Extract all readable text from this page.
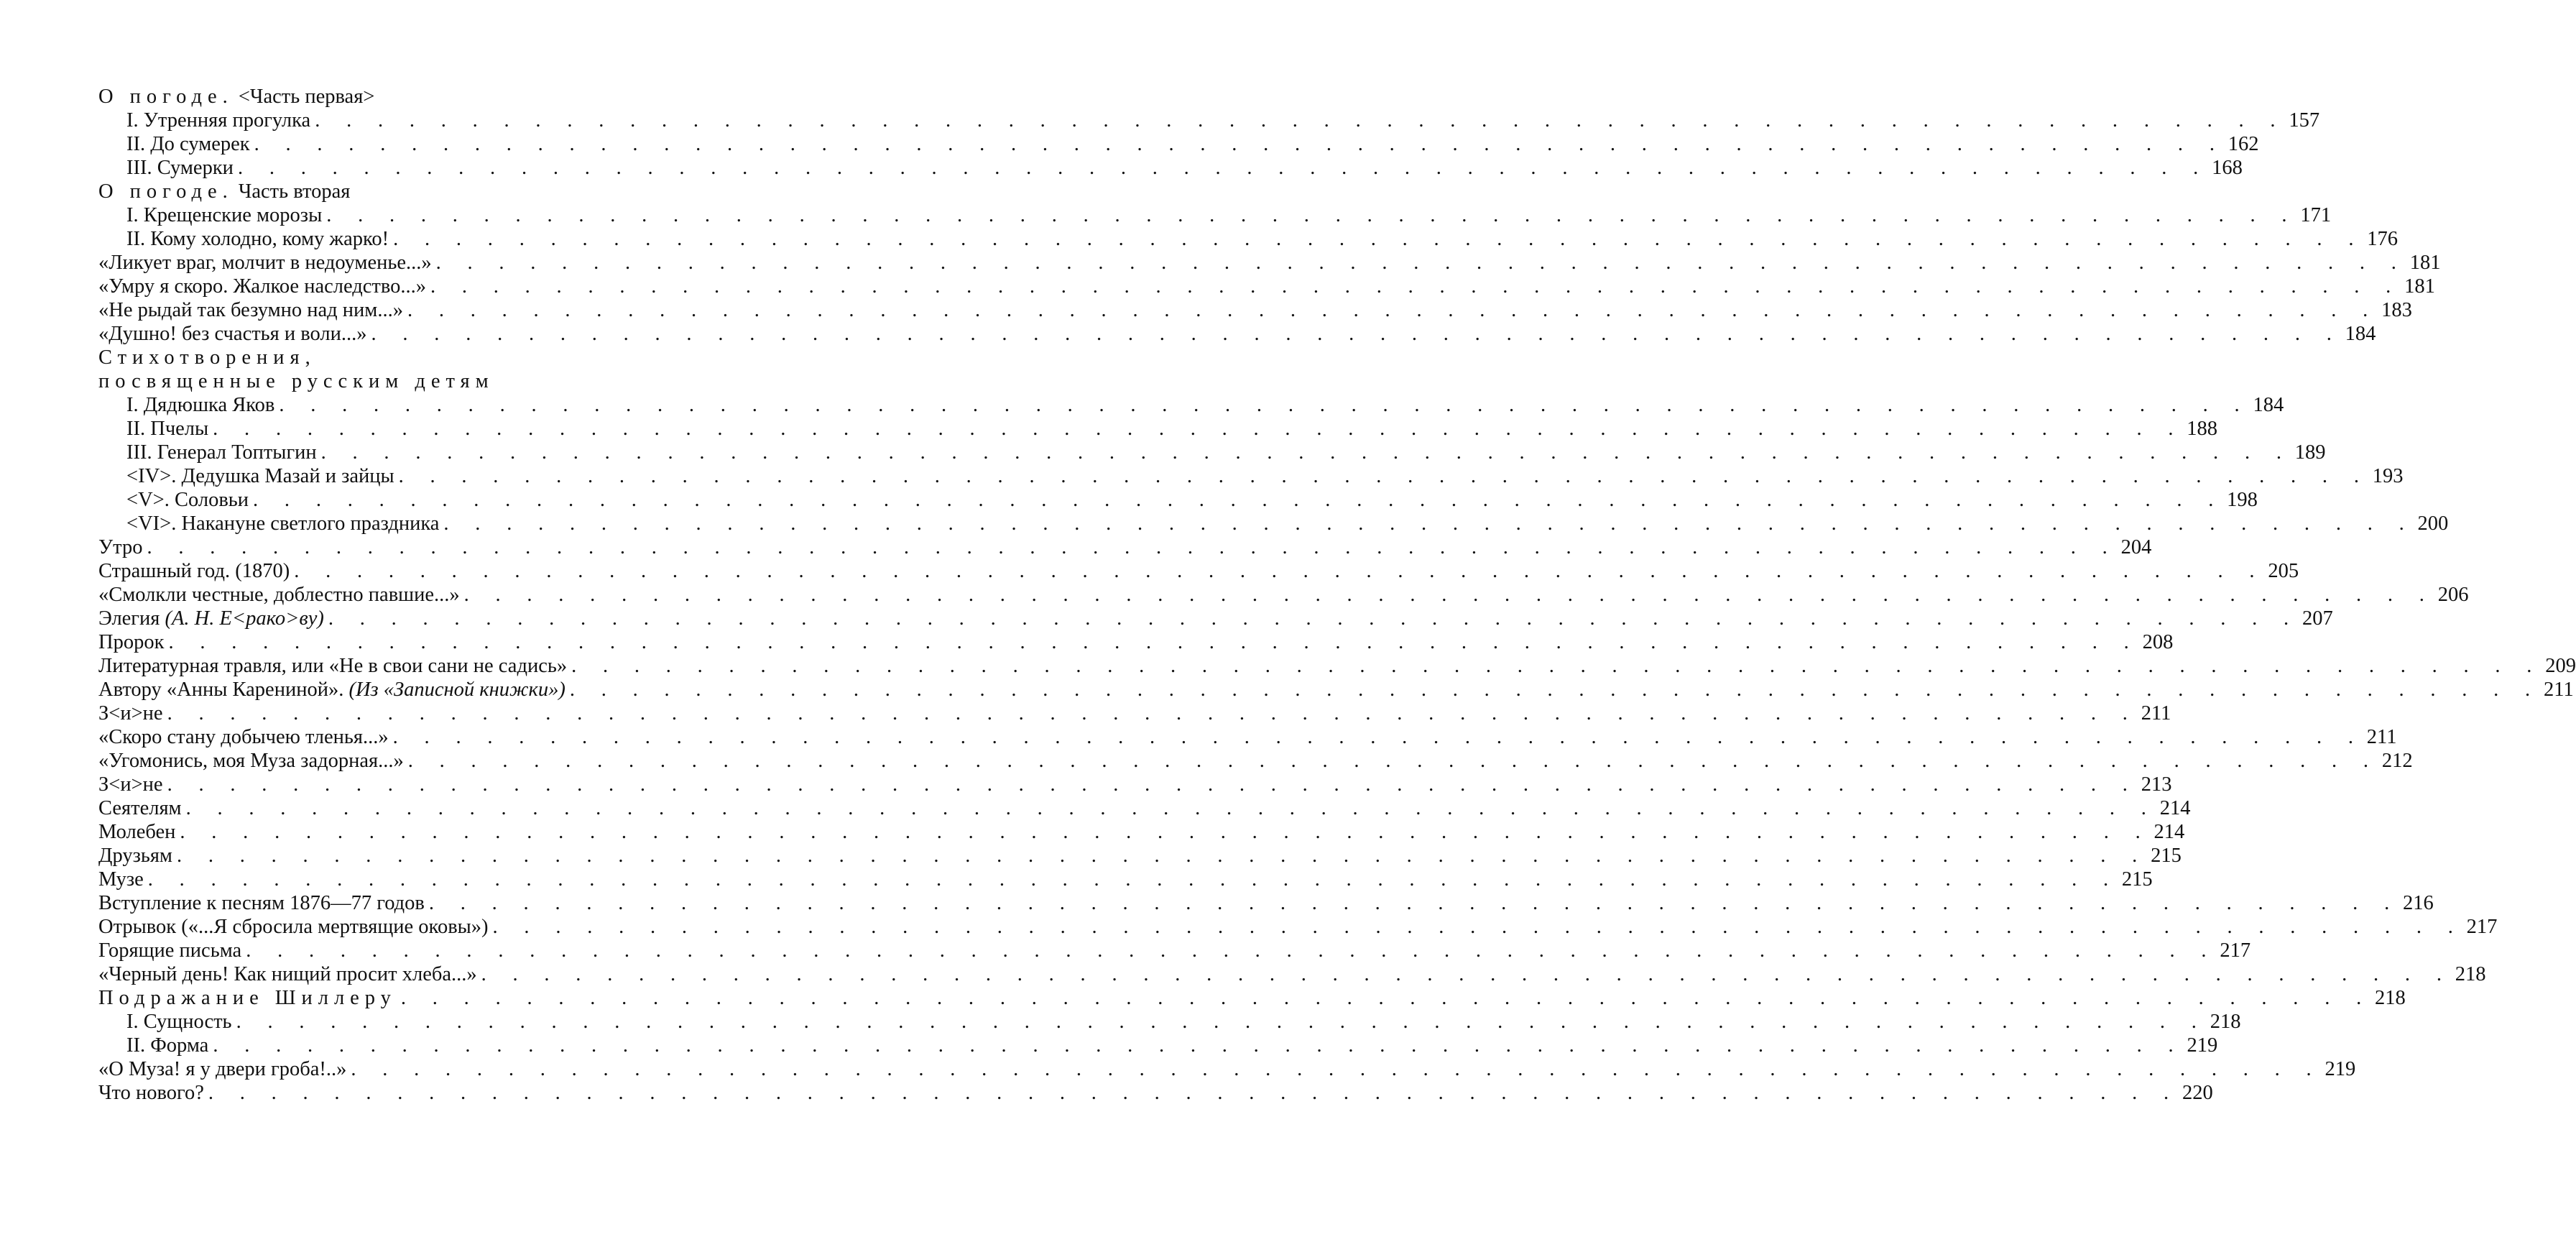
О погоде. <Часть первая>
I. Утренняя прогулка . . . . . . . . . . . . . . . . . . . . . . . . . . . . . . . . . . . . . . . . . . . . . . . . . . . . . . . . . . . . . . . 157
II. До сумерек . . . . . . . . . . . . . . . . . . . . . . . . . . . . . . . . . . . . . . . . . . . . . . . . . . . . . . . . . . . . . . . 162
III. Сумерки . . . . . . . . . . . . . . . . . . . . . . . . . . . . . . . . . . . . . . . . . . . . . . . . . . . . . . . . . . . . . . . 168
О погоде. Часть вторая
I. Крещенские морозы . . . . . . . . . . . . . . . . . . . . . . . . . . . . . . . . . . . . . . . . . . . . . . . . . . . . . . . . . . . . . . . 171
II. Кому холодно, кому жарко! . . . . . . . . . . . . . . . . . . . . . . . . . . . . . . . . . . . . . . . . . . . . . . . . . . . . . . . . . . . . . . . 176
«Ликует враг, молчит в недоуменье...» . . . . . . . . . . . . . . . . . . . . . . . . . . . . . . . . . . . . . . . . . . . . . . . . . . . . . . . . . . . . . . . 181
«Умру я скоро. Жалкое наследство...» . . . . . . . . . . . . . . . . . . . . . . . . . . . . . . . . . . . . . . . . . . . . . . . . . . . . . . . . . . . . . . . 181
«Не рыдай так безумно над ним...» . . . . . . . . . . . . . . . . . . . . . . . . . . . . . . . . . . . . . . . . . . . . . . . . . . . . . . . . . . . . . . . 183
«Душно! без счастья и воли...» . . . . . . . . . . . . . . . . . . . . . . . . . . . . . . . . . . . . . . . . . . . . . . . . . . . . . . . . . . . . . . . 184
Стихотворения,
посвященные русским детям
I. Дядюшка Яков . . . . . . . . . . . . . . . . . . . . . . . . . . . . . . . . . . . . . . . . . . . . . . . . . . . . . . . . . . . . . . . 184
II. Пчелы . . . . . . . . . . . . . . . . . . . . . . . . . . . . . . . . . . . . . . . . . . . . . . . . . . . . . . . . . . . . . . . 188
III. Генерал Топтыгин . . . . . . . . . . . . . . . . . . . . . . . . . . . . . . . . . . . . . . . . . . . . . . . . . . . . . . . . . . . . . . . 189
<IV>. Дедушка Мазай и зайцы . . . . . . . . . . . . . . . . . . . . . . . . . . . . . . . . . . . . . . . . . . . . . . . . . . . . . . . . . . . . . . . 193
<V>. Соловьи . . . . . . . . . . . . . . . . . . . . . . . . . . . . . . . . . . . . . . . . . . . . . . . . . . . . . . . . . . . . . . . 198
<VI>. Накануне светлого праздника . . . . . . . . . . . . . . . . . . . . . . . . . . . . . . . . . . . . . . . . . . . . . . . . . . . . . . . . . . . . . . . 200
Утро . . . . . . . . . . . . . . . . . . . . . . . . . . . . . . . . . . . . . . . . . . . . . . . . . . . . . . . . . . . . . . . 204
Страшный год. (1870) . . . . . . . . . . . . . . . . . . . . . . . . . . . . . . . . . . . . . . . . . . . . . . . . . . . . . . . . . . . . . . . 205
«Смолкли честные, доблестно павшие...» . . . . . . . . . . . . . . . . . . . . . . . . . . . . . . . . . . . . . . . . . . . . . . . . . . . . . . . . . . . . . . . 206
Элегия (А. Н. Е<рако>ву) . . . . . . . . . . . . . . . . . . . . . . . . . . . . . . . . . . . . . . . . . . . . . . . . . . . . . . . . . . . . . . . 207
Пророк . . . . . . . . . . . . . . . . . . . . . . . . . . . . . . . . . . . . . . . . . . . . . . . . . . . . . . . . . . . . . . . 208
Литературная травля, или «Не в свои сани не садись» . . . . . . . . . . . . . . . . . . . . . . . . . . . . . . . . . . . . . . . . . . . . . . . . . . . . . . . . . . . . . . . 209
Автору «Анны Карениной». (Из «Записной книжки») . . . . . . . . . . . . . . . . . . . . . . . . . . . . . . . . . . . . . . . . . . . . . . . . . . . . . . . . . . . . . . . 211
З<и>не . . . . . . . . . . . . . . . . . . . . . . . . . . . . . . . . . . . . . . . . . . . . . . . . . . . . . . . . . . . . . . . 211
«Скоро стану добычею тленья...» . . . . . . . . . . . . . . . . . . . . . . . . . . . . . . . . . . . . . . . . . . . . . . . . . . . . . . . . . . . . . . . 211
«Угомонись, моя Муза задорная...» . . . . . . . . . . . . . . . . . . . . . . . . . . . . . . . . . . . . . . . . . . . . . . . . . . . . . . . . . . . . . . . 212
З<и>не . . . . . . . . . . . . . . . . . . . . . . . . . . . . . . . . . . . . . . . . . . . . . . . . . . . . . . . . . . . . . . . 213
Сеятелям . . . . . . . . . . . . . . . . . . . . . . . . . . . . . . . . . . . . . . . . . . . . . . . . . . . . . . . . . . . . . . . 214
Молебен . . . . . . . . . . . . . . . . . . . . . . . . . . . . . . . . . . . . . . . . . . . . . . . . . . . . . . . . . . . . . . . 214
Друзьям . . . . . . . . . . . . . . . . . . . . . . . . . . . . . . . . . . . . . . . . . . . . . . . . . . . . . . . . . . . . . . . 215
Музе . . . . . . . . . . . . . . . . . . . . . . . . . . . . . . . . . . . . . . . . . . . . . . . . . . . . . . . . . . . . . . . 215
Вступление к песням 1876—77 годов . . . . . . . . . . . . . . . . . . . . . . . . . . . . . . . . . . . . . . . . . . . . . . . . . . . . . . . . . . . . . . . 216
Отрывок («...Я сбросила мертвящие оковы») . . . . . . . . . . . . . . . . . . . . . . . . . . . . . . . . . . . . . . . . . . . . . . . . . . . . . . . . . . . . . . . 217
Горящие письма . . . . . . . . . . . . . . . . . . . . . . . . . . . . . . . . . . . . . . . . . . . . . . . . . . . . . . . . . . . . . . . 217
«Черный день! Как нищий просит хлеба...» . . . . . . . . . . . . . . . . . . . . . . . . . . . . . . . . . . . . . . . . . . . . . . . . . . . . . . . . . . . . . . . 218
Подражание Шиллеру . . . . . . . . . . . . . . . . . . . . . . . . . . . . . . . . . . . . . . . . . . . . . . . . . . . . . . . . . . . . . . . 218
I. Сущность . . . . . . . . . . . . . . . . . . . . . . . . . . . . . . . . . . . . . . . . . . . . . . . . . . . . . . . . . . . . . . . 218
II. Форма . . . . . . . . . . . . . . . . . . . . . . . . . . . . . . . . . . . . . . . . . . . . . . . . . . . . . . . . . . . . . . . 219
«О Муза! я у двери гроба!..» . . . . . . . . . . . . . . . . . . . . . . . . . . . . . . . . . . . . . . . . . . . . . . . . . . . . . . . . . . . . . . . 219
Что нового? . . . . . . . . . . . . . . . . . . . . . . . . . . . . . . . . . . . . . . . . . . . . . . . . . . . . . . . . . . . . . . . 220
